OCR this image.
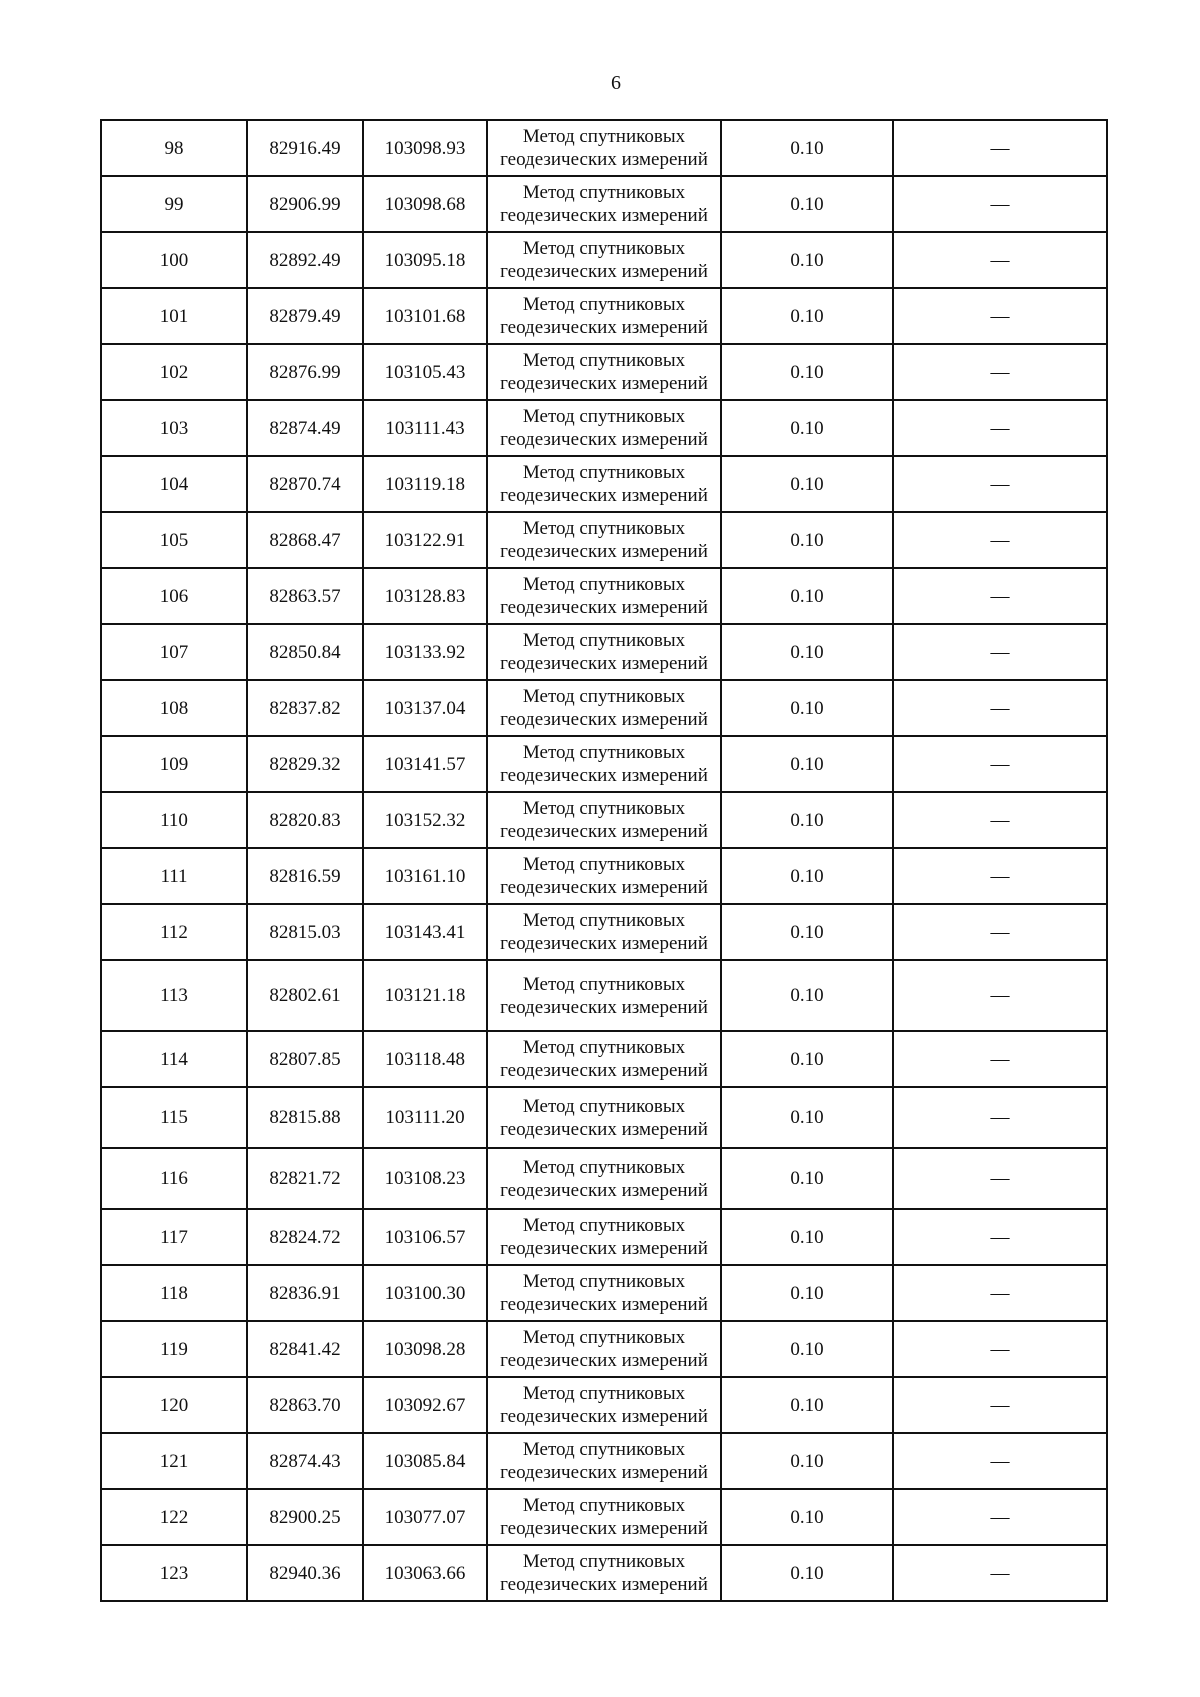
6
98	82916.49	103098.93	Метод спутниковых
геодезических измерений	0.10	—
99	82906.99	103098.68	Метод спутниковых
геодезических измерений	0.10	—
100	82892.49	103095.18	Метод спутниковых
геодезических измерений	0.10	—
101	82879.49	103101.68	Метод спутниковых
геодезических измерений	0.10	—
102	82876.99	103105.43	Метод спутниковых
геодезических измерений	0.10	—
103	82874.49	103111.43	Метод спутниковых
геодезических измерений	0.10	—
104	82870.74	103119.18	Метод спутниковых
геодезических измерений	0.10	—
105	82868.47	103122.91	Метод спутниковых
геодезических измерений	0.10	—
106	82863.57	103128.83	Метод спутниковых
геодезических измерений	0.10	—
107	82850.84	103133.92	Метод спутниковых
геодезических измерений	0.10	—
108	82837.82	103137.04	Метод спутниковых
геодезических измерений	0.10	—
109	82829.32	103141.57	Метод спутниковых
геодезических измерений	0.10	—
110	82820.83	103152.32	Метод спутниковых
геодезических измерений	0.10	—
111	82816.59	103161.10	Метод спутниковых
геодезических измерений	0.10	—
112	82815.03	103143.41	Метод спутниковых
геодезических измерений	0.10	—
113	82802.61	103121.18	Метод спутниковых
геодезических измерений	0.10	—
114	82807.85	103118.48	Метод спутниковых
геодезических измерений	0.10	—
115	82815.88	103111.20	Метод спутниковых
геодезических измерений	0.10	—
116	82821.72	103108.23	Метод спутниковых
геодезических измерений	0.10	—
117	82824.72	103106.57	Метод спутниковых
геодезических измерений	0.10	—
118	82836.91	103100.30	Метод спутниковых
геодезических измерений	0.10	—
119	82841.42	103098.28	Метод спутниковых
геодезических измерений	0.10	—
120	82863.70	103092.67	Метод спутниковых
геодезических измерений	0.10	—
121	82874.43	103085.84	Метод спутниковых
геодезических измерений	0.10	—
122	82900.25	103077.07	Метод спутниковых
геодезических измерений	0.10	—
123	82940.36	103063.66	Метод спутниковых
геодезических измерений	0.10	—
